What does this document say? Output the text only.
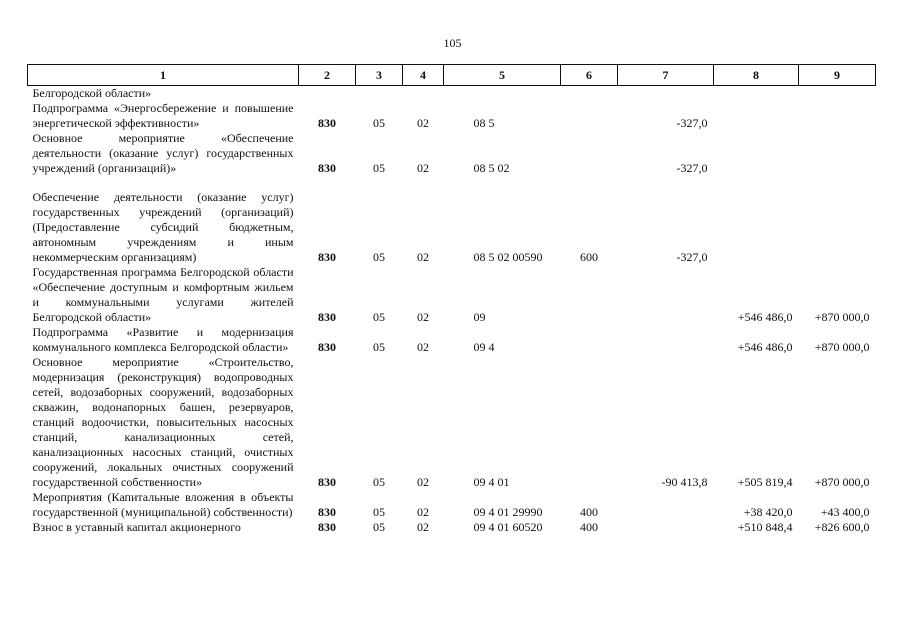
105
1	2	3	4	5	6	7	8	9
Белгородской области»								
Подпрограмма «Энергосбережение и повышение энергетической эффективности»	830	05	02	08 5		-327,0		
Основное мероприятие «Обеспечение деятельности (оказание услуг) государственных учреждений (организаций)»	830	05	02	08 5 02		-327,0		

Обеспечение деятельности (оказание услуг) государственных учреждений (организаций) (Предоставление субсидий бюджетным, автономным учреждениям и иным некоммерческим организациям)	830	05	02	08 5 02 00590	600	-327,0		
Государственная программа Белгородской области «Обеспечение доступным и комфортным жильем и коммунальными услугами жителей Белгородской области»	830	05	02	09			+546 486,0	+870 000,0
Подпрограмма «Развитие и модернизация коммунального комплекса Белгородской области»	830	05	02	09 4			+546 486,0	+870 000,0
Основное мероприятие «Строительство, модернизация (реконструкция) водопроводных сетей, водозаборных сооружений, водозаборных скважин, водонапорных башен, резервуаров, станций водоочистки, повысительных насосных станций, канализационных сетей, канализационных насосных станций, очистных сооружений, локальных очистных сооружений государственной собственности»	830	05	02	09 4 01		-90 413,8	+505 819,4	+870 000,0
Мероприятия (Капитальные вложения в объекты государственной (муниципальной) собственности)	830	05	02	09 4 01 29990	400		+38 420,0	+43 400,0
Взнос в уставный капитал акционерного	830	05	02	09 4 01 60520	400		+510 848,4	+826 600,0
